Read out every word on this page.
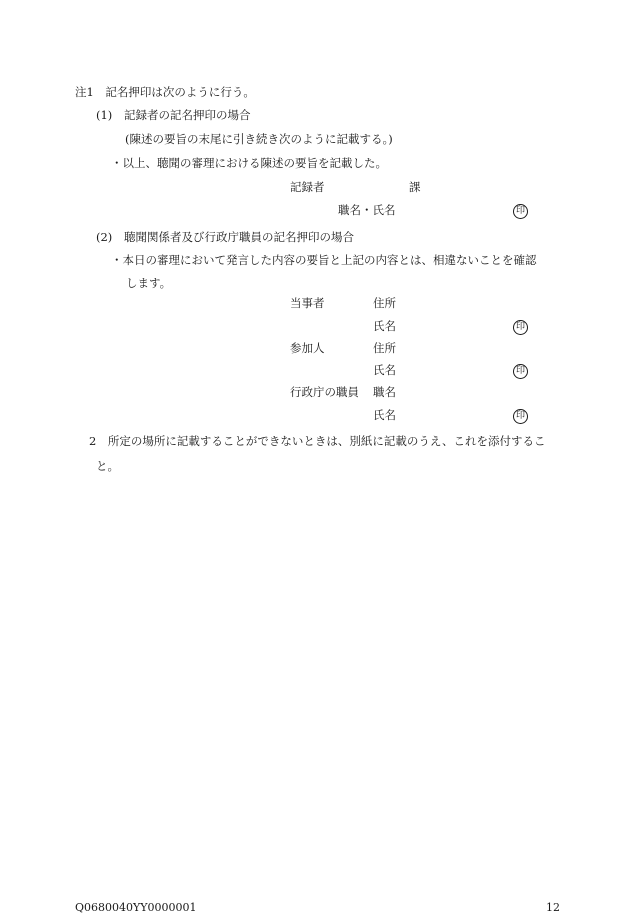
注1　記名押印は次のように行う。
(1) 記録者の記名押印の場合
(陳述の要旨の末尾に引き続き次のように記載する。)
・以上、聴聞の審理における陳述の要旨を記載した。
記録者	課
職名・氏名	印
(2) 聴聞関係者及び行政庁職員の記名押印の場合
・本日の審理において発言した内容の要旨と上記の内容とは、相違ないことを確認
します。
当事者	住所
氏名	印
参加人	住所
氏名	印
行政庁の職員 職名
氏名	印
2　所定の場所に記載することができないときは、別紙に記載のうえ、これを添付するこ
と。
Q0680040YY0000001	12
